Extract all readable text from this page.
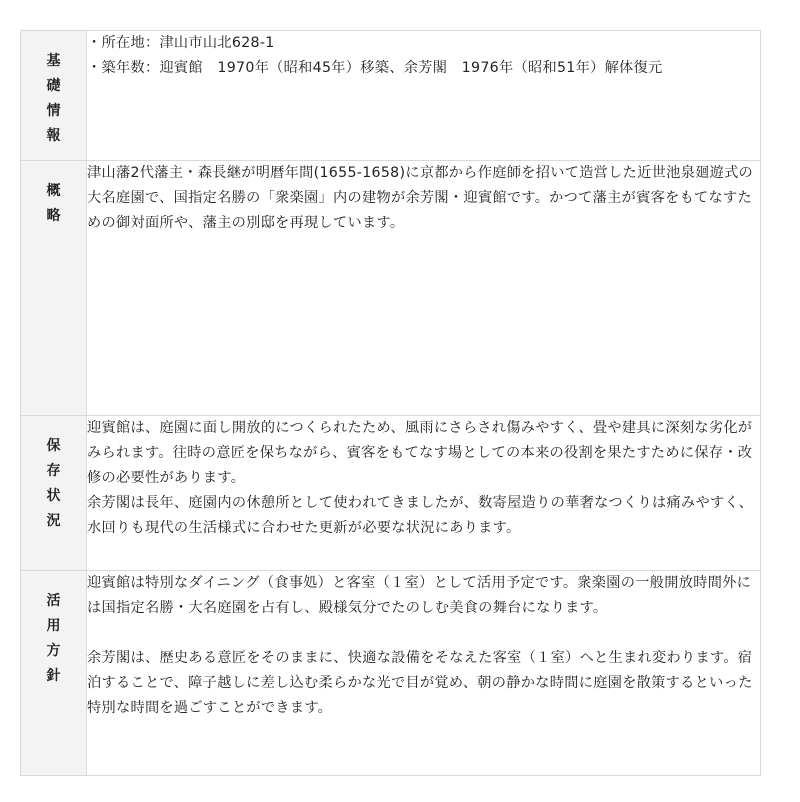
基礎情報	・所在地：津山市山北628-1

・築年数：迎賓館　1970年（昭和45年）移築、余芳閣　1976年（昭和51年）解体復元

概略	津山藩2代藩主・森長継が明暦年間(1655-1658)に京都から作庭師を招いて造営した近世池泉廻遊式の大名庭園で、国指定名勝の「衆楽園」内の建物が余芳閣・迎賓館です。かつて藩主が賓客をもてなすための御対面所や、藩主の別邸を再現しています。

保存状況	迎賓館は、庭園に面し開放的につくられたため、風雨にさらされ傷みやすく、畳や建具に深刻な劣化がみられます。往時の意匠を保ちながら、賓客をもてなす場としての本来の役割を果たすために保存・改修の必要性があります。

余芳閣は長年、庭園内の休憩所として使われてきましたが、数寄屋造りの華奢なつくりは痛みやすく、水回りも現代の生活様式に合わせた更新が必要な状況にあります。

活用方針	迎賓館は特別なダイニング（食事処）と客室（１室）として活用予定です。衆楽園の一般開放時間外には国指定名勝・大名庭園を占有し、殿様気分でたのしむ美食の舞台になります。

余芳閣は、歴史ある意匠をそのままに、快適な設備をそなえた客室（１室）へと生まれ変わります。宿泊することで、障子越しに差し込む柔らかな光で目が覚め、朝の静かな時間に庭園を散策するといった特別な時間を過ごすことができます。
